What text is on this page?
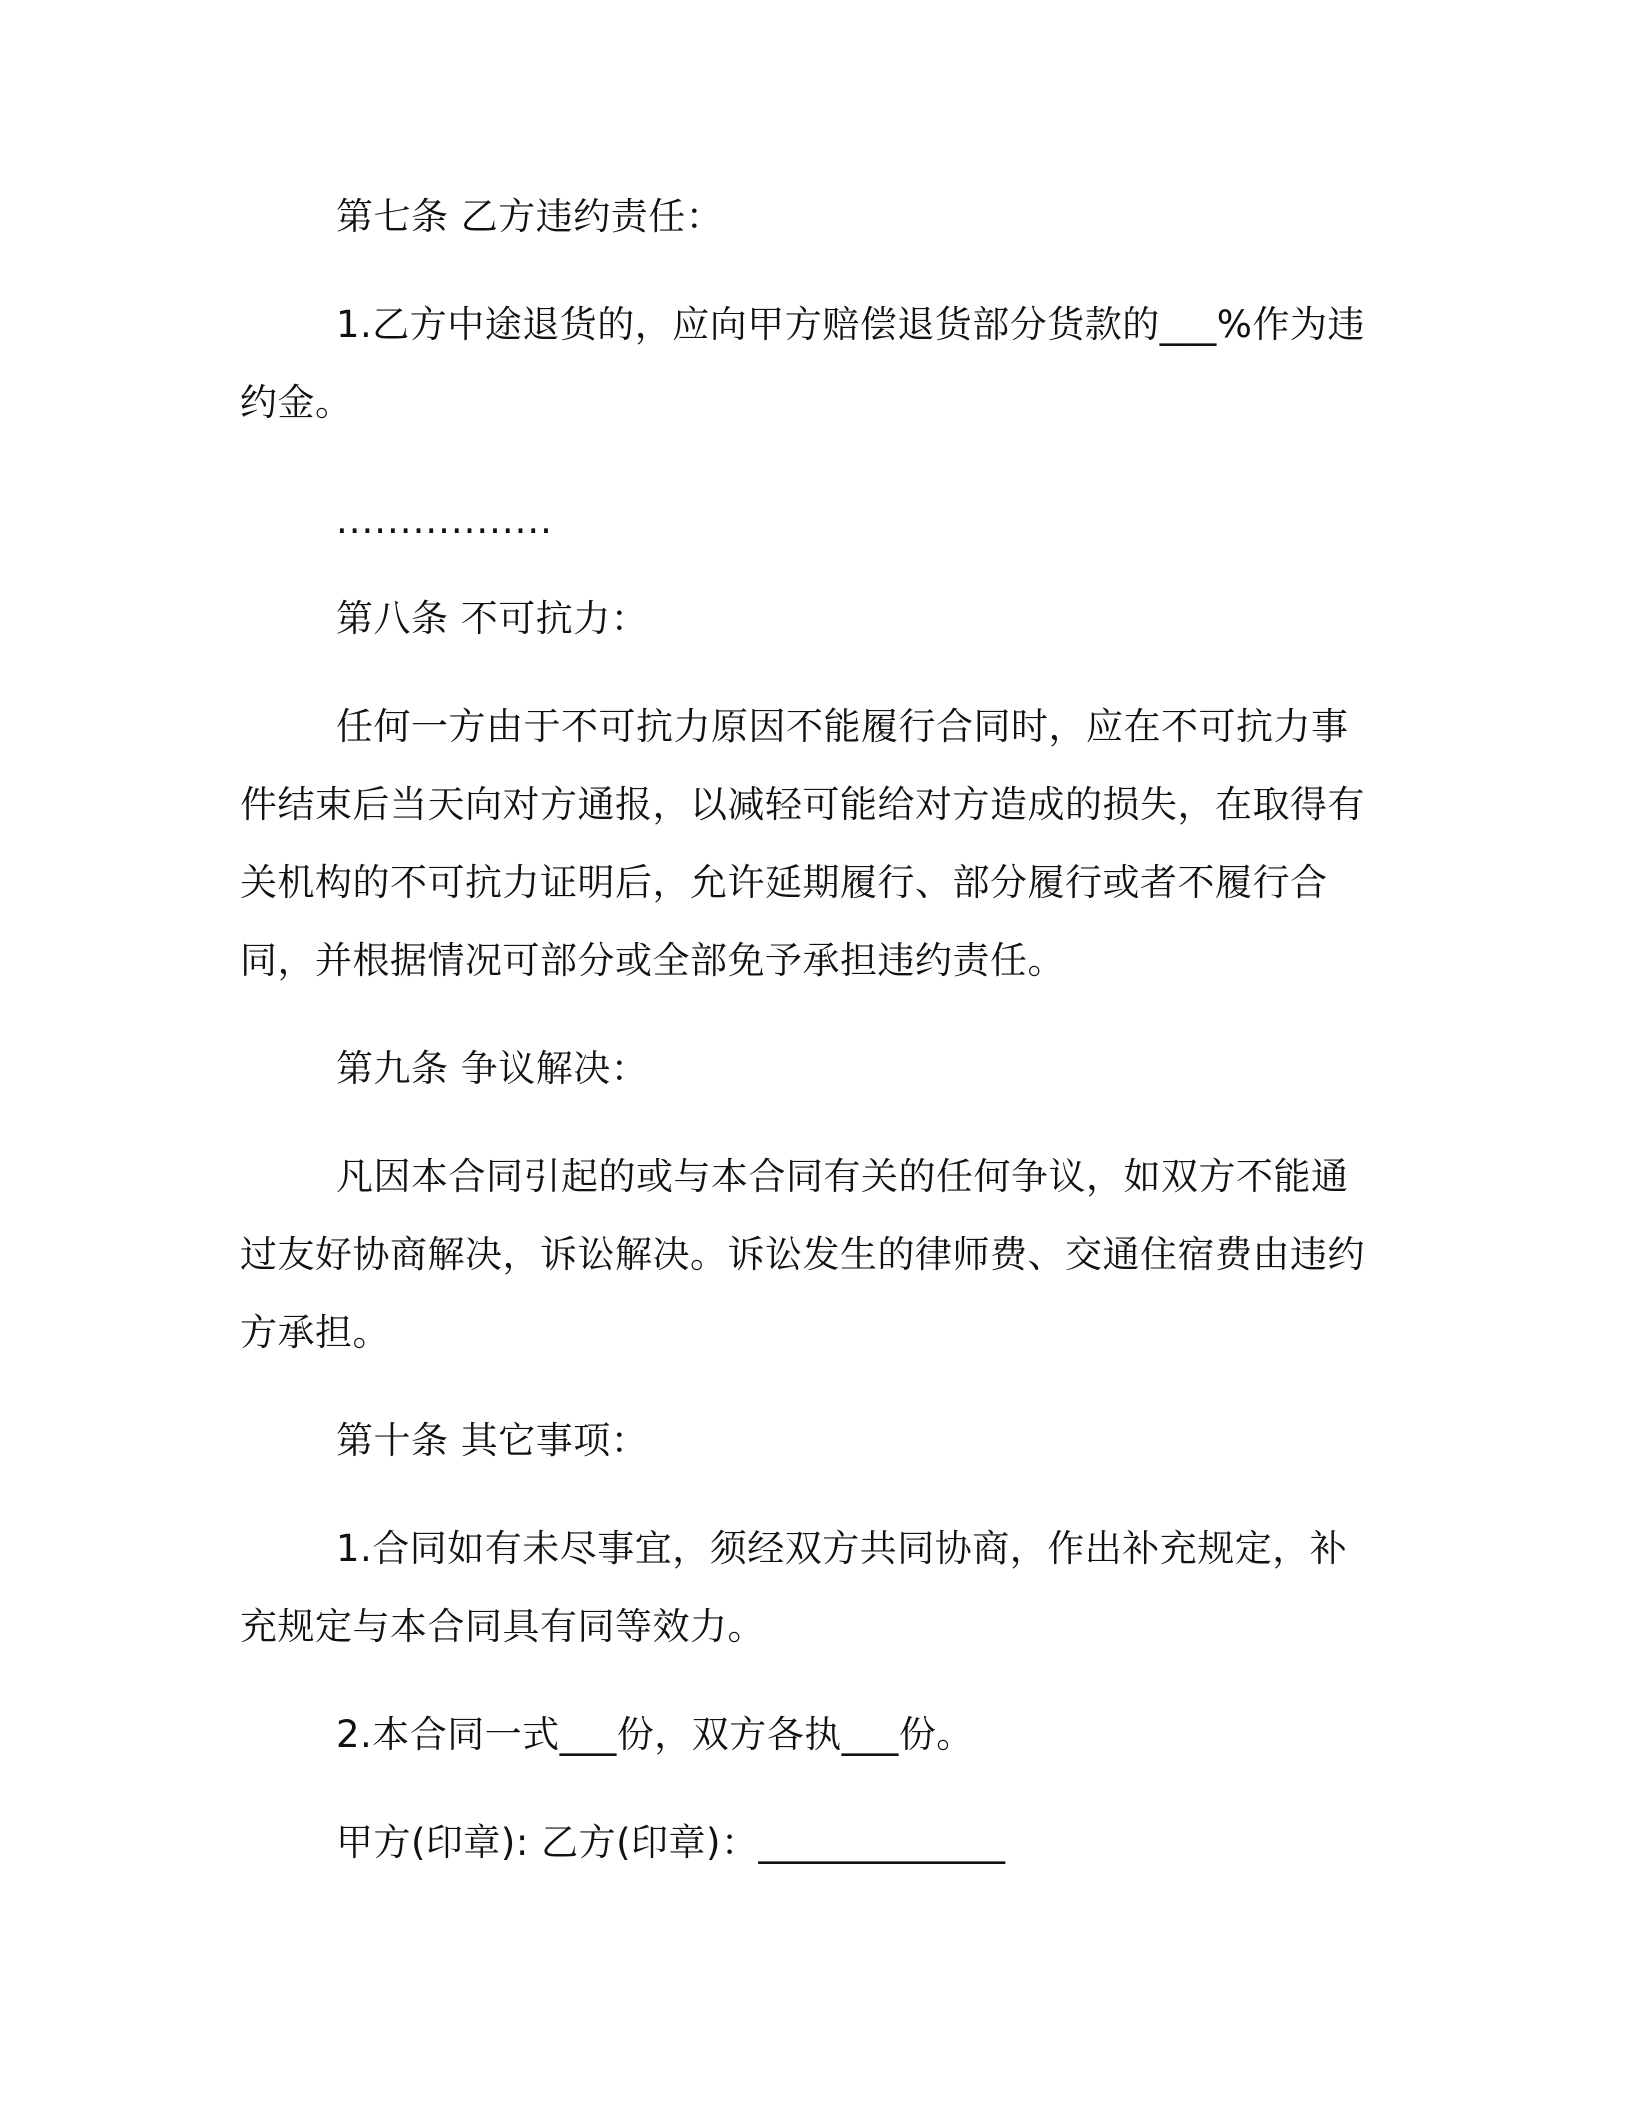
第七条 乙方违约责任：

1.乙方中途退货的，应向甲方赔偿退货部分货款的___%作为违约金。

.................

第八条 不可抗力：

任何一方由于不可抗力原因不能履行合同时，应在不可抗力事件结束后当天向对方通报，以减轻可能给对方造成的损失，在取得有关机构的不可抗力证明后，允许延期履行、部分履行或者不履行合同，并根据情况可部分或全部免予承担违约责任。

第九条 争议解决：

凡因本合同引起的或与本合同有关的任何争议，如双方不能通过友好协商解决，诉讼解决。诉讼发生的律师费、交通住宿费由违约方承担。

第十条 其它事项：

1.合同如有未尽事宜，须经双方共同协商，作出补充规定，补充规定与本合同具有同等效力。

2.本合同一式___份，双方各执___份。

甲方(印章): 乙方(印章)：_____________
